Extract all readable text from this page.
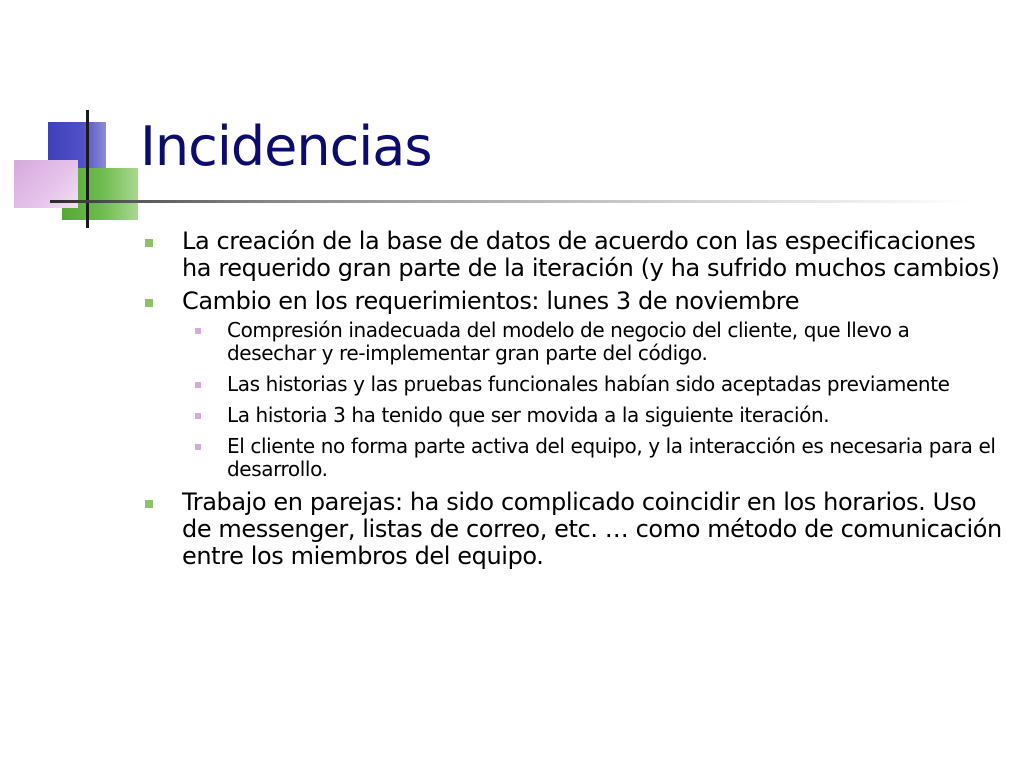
Incidencias
La creación de la base de datos de acuerdo con las especificaciones ha requerido gran parte de la iteración (y ha sufrido muchos cambios)
Cambio en los requerimientos: lunes 3 de noviembre
Compresión inadecuada del modelo de negocio del cliente, que llevo a desechar y re-implementar gran parte del código.
Las historias y las pruebas funcionales habían sido aceptadas previamente
La historia 3 ha tenido que ser movida a la siguiente iteración.
El cliente no forma parte activa del equipo, y la interacción es necesaria para el desarrollo.
Trabajo en parejas: ha sido complicado coincidir en los horarios. Uso de messenger, listas de correo, etc. … como método de comunicación entre los miembros del equipo.
